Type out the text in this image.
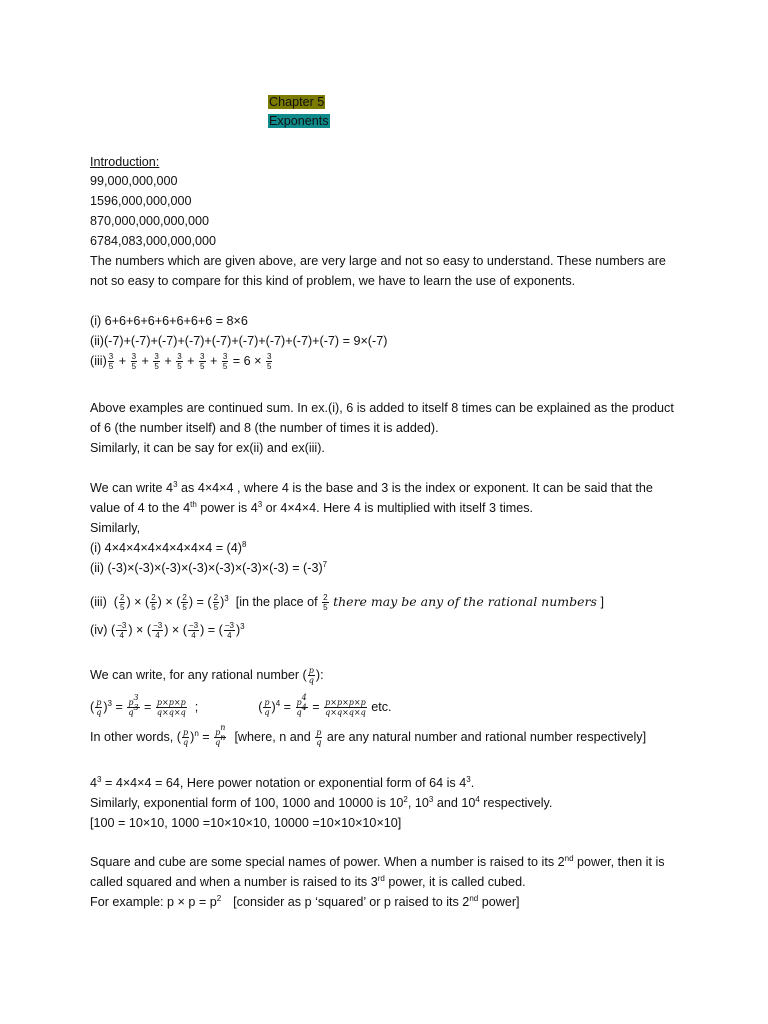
Chapter 5
Exponents
Introduction:
99,000,000,000
1596,000,000,000
870,000,000,000,000
6784,083,000,000,000
The numbers which are given above, are very large and not so easy to understand. These numbers are
not so easy to compare for this kind of problem, we have to learn the use of exponents.
(i) 6+6+6+6+6+6+6+6 = 8×6
(ii)(-7)+(-7)+(-7)+(-7)+(-7)+(-7)+(-7)+(-7)+(-7) = 9×(-7)
$(iii) \frac{3}{5} + \frac{3}{5} + \frac{3}{5} + \frac{3}{5} + \frac{3}{5} + \frac{3}{5} = 6 \times \frac{3}{5}$
Above examples are continued sum. In ex.(i), 6 is added to itself 8 times can be explained as the product
of 6 (the number itself) and 8 (the number of times it is added).
Similarly, it can be say for ex(ii) and ex(iii).
We can write $4^3$ as 4×4×4 , where 4 is the base and 3 is the index or exponent. It can be said that the
value of 4 to the 4th power is $4^3$ or 4×4×4. Here 4 is multiplied with itself 3 times.
Similarly,
(i) $4\times 4\times 4\times 4\times 4\times 4\times 4\times 4 = (4)^8$
(ii) $(-3)\times(-3)\times(-3)\times(-3)\times(-3)\times(-3)\times(-3) = (-3)^7$
(iii)  ( $\frac{2}{5}$ ) × ( $\frac{2}{5}$ ) × ( $\frac{2}{5}$ ) = ( $\frac{2}{5} )^3$ [in the place of $\frac{2}{5}$ there may be any of the rational numbers ]
(iv) ( $\frac{-3}{4}$ ) × ( $\frac{-3}{4}$ ) × ( $\frac{-3}{4}$ ) = ( $\frac{-3}{4} )^3$
We can write, for any rational number ( $\frac{p}{q}$ ):
( $\frac{p}{q} )^3 = \frac{p^3}{q^3} = \frac{p\times p\times p}{q\times q\times q}$ ;	( $\frac{p}{q} )^4 = \frac{p^4}{q^4} = \frac{p\times p\times p\times p}{q\times q\times q\times q}$ etc.
In other words, ( $\frac{p}{q} )^n = \frac{p^n}{q^n}$ [where, n and $\frac{p}{q}$ are any natural number and rational number respectively]
$4^3 = 4\times 4\times 4 = 64$, Here power notation or exponential form of 64 is $4^3$.
Similarly, exponential form of 100, 1000 and 10000 is $10^2$, $10^3$ and $10^4$ respectively.
[100 = 10×10, 1000 =10×10×10, 10000 =10×10×10×10]
Square and cube are some special names of power. When a number is raised to its 2nd power, then it is
called squared and when a number is raised to its 3rd power, it is called cubed.
For example: $p \times p = p^2$ [consider as p ‘squared’ or p raised to its 2nd power]
